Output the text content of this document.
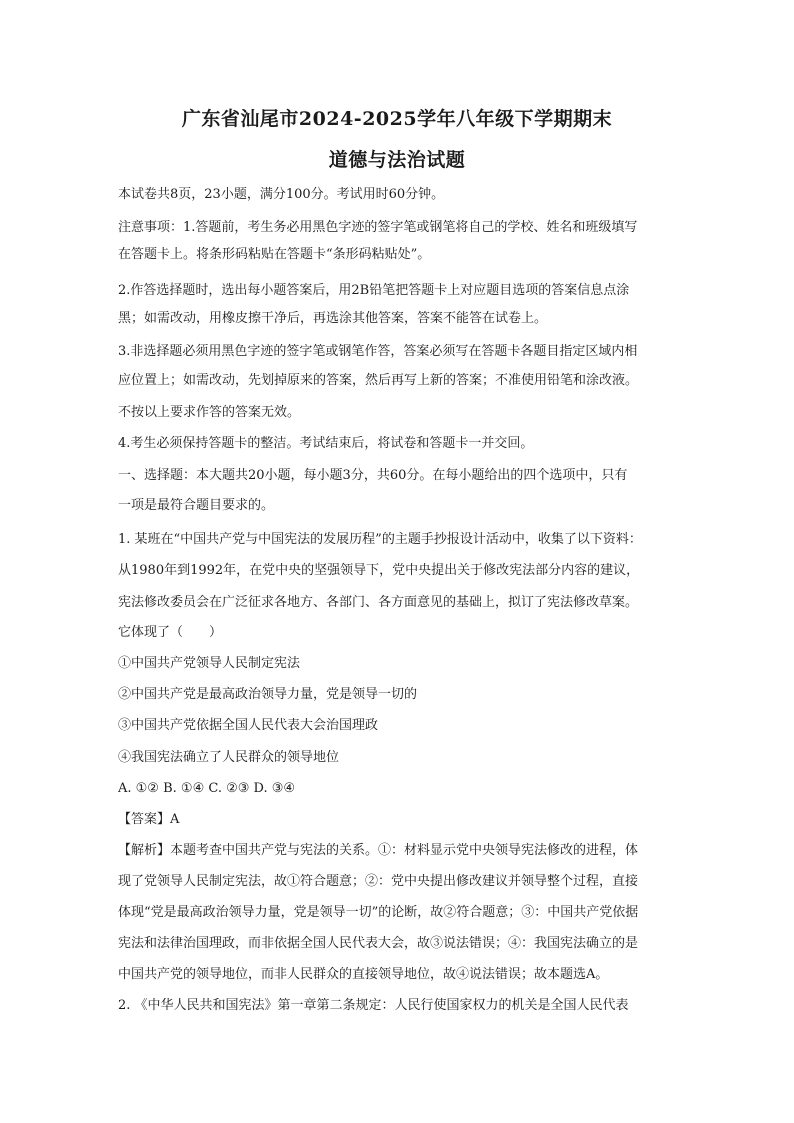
广东省汕尾市2024-2025学年八年级下学期期末
道德与法治试题
本试卷共8页，23小题，满分100分。考试用时60分钟。
注意事项：1.答题前，考生务必用黑色字迹的签字笔或钢笔将自己的学校、姓名和班级填写
在答题卡上。将条形码粘贴在答题卡“条形码粘贴处”。
2.作答选择题时，选出每小题答案后，用2B铅笔把答题卡上对应题目选项的答案信息点涂
黑；如需改动，用橡皮擦干净后，再选涂其他答案，答案不能答在试卷上。
3.非选择题必须用黑色字迹的签字笔或钢笔作答，答案必须写在答题卡各题目指定区域内相
应位置上；如需改动，先划掉原来的答案，然后再写上新的答案；不准使用铅笔和涂改液。
不按以上要求作答的答案无效。
4.考生必须保持答题卡的整洁。考试结束后，将试卷和答题卡一并交回。
一、选择题：本大题共20小题，每小题3分，共60分。在每小题给出的四个选项中，只有
一项是最符合题目要求的。
1. 某班在“中国共产党与中国宪法的发展历程”的主题手抄报设计活动中，收集了以下资料：
从1980年到1992年，在党中央的坚强领导下，党中央提出关于修改宪法部分内容的建议，
宪法修改委员会在广泛征求各地方、各部门、各方面意见的基础上，拟订了宪法修改草案。
它体现了（　　）
①中国共产党领导人民制定宪法
②中国共产党是最高政治领导力量，党是领导一切的
③中国共产党依据全国人民代表大会治国理政
④我国宪法确立了人民群众的领导地位
A. ①② B. ①④ C. ②③ D. ③④
【答案】A
【解析】本题考查中国共产党与宪法的关系。①：材料显示党中央领导宪法修改的进程，体
现了党领导人民制定宪法，故①符合题意；②：党中央提出修改建议并领导整个过程，直接
体现“党是最高政治领导力量，党是领导一切”的论断，故②符合题意；③：中国共产党依据
宪法和法律治国理政，而非依据全国人民代表大会，故③说法错误；④：我国宪法确立的是
中国共产党的领导地位，而非人民群众的直接领导地位，故④说法错误；故本题选A。
2. 《中华人民共和国宪法》第一章第二条规定：人民行使国家权力的机关是全国人民代表
